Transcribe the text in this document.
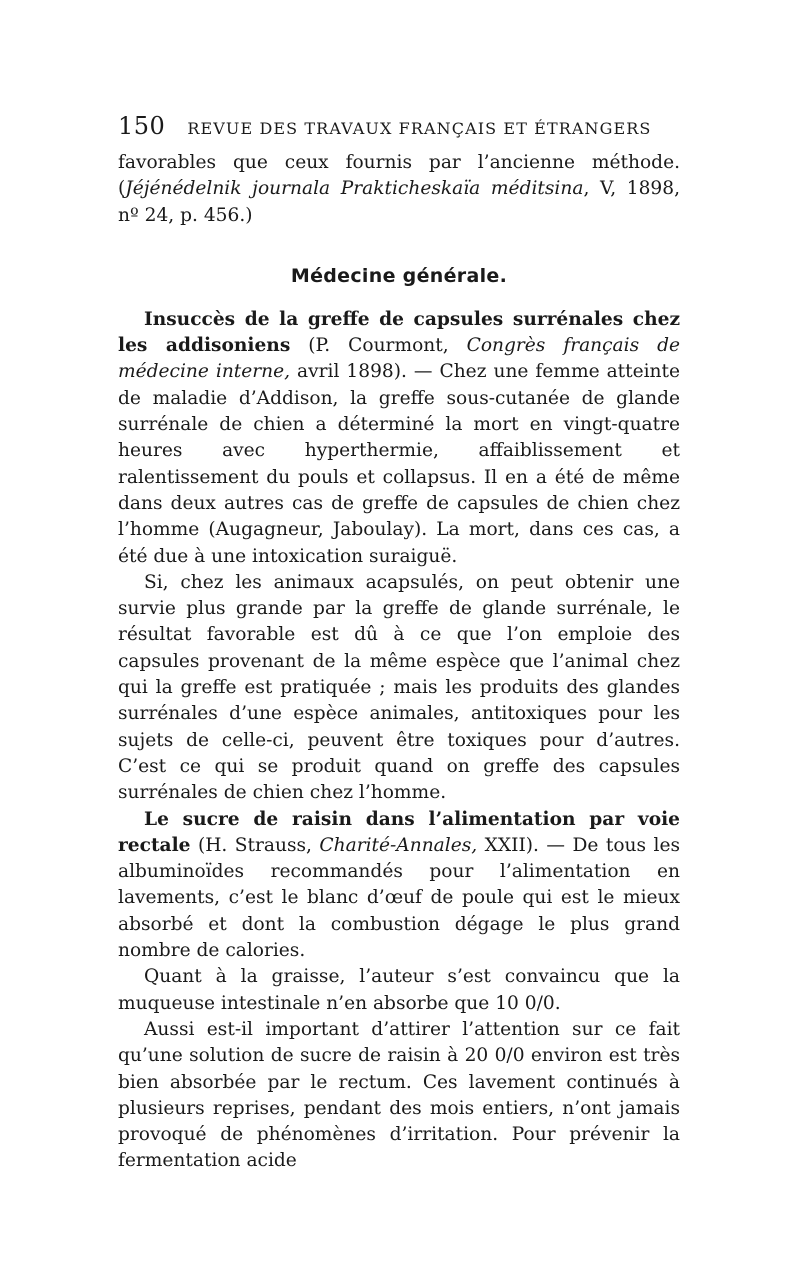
150 REVUE DES TRAVAUX FRANÇAIS ET ÉTRANGERS

favorables que ceux fournis par l’ancienne méthode. (Jéjénédelnik journala Prakticheskaïa méditsina, V, 1898, nº 24, p. 456.)

Médecine générale.

Insuccès de la greffe de capsules surrénales chez les addisoniens (P. Courmont, Congrès français de médecine interne, avril 1898). — Chez une femme atteinte de maladie d’Addison, la greffe sous-cutanée de glande surrénale de chien a déterminé la mort en vingt-quatre heures avec hyperthermie, affaiblissement et ralentissement du pouls et collapsus. Il en a été de même dans deux autres cas de greffe de capsules de chien chez l’homme (Augagneur, Jaboulay). La mort, dans ces cas, a été due à une intoxication suraiguë.

Si, chez les animaux acapsulés, on peut obtenir une survie plus grande par la greffe de glande surrénale, le résultat favorable est dû à ce que l’on emploie des capsules provenant de la même espèce que l’animal chez qui la greffe est pratiquée ; mais les produits des glandes surrénales d’une espèce animales, antitoxiques pour les sujets de celle-ci, peuvent être toxiques pour d’autres. C’est ce qui se produit quand on greffe des capsules surrénales de chien chez l’homme.

Le sucre de raisin dans l’alimentation par voie rectale (H. Strauss, Charité-Annales, XXII). — De tous les albuminoïdes recommandés pour l’alimentation en lavements, c’est le blanc d’œuf de poule qui est le mieux absorbé et dont la combustion dégage le plus grand nombre de calories.

Quant à la graisse, l’auteur s’est convaincu que la muqueuse intestinale n’en absorbe que 10 0/0.

Aussi est-il important d’attirer l’attention sur ce fait qu’une solution de sucre de raisin à 20 0/0 environ est très bien absorbée par le rectum. Ces lavement continués à plusieurs reprises, pendant des mois entiers, n’ont jamais provoqué de phénomènes d’irritation. Pour prévenir la fermentation acide
